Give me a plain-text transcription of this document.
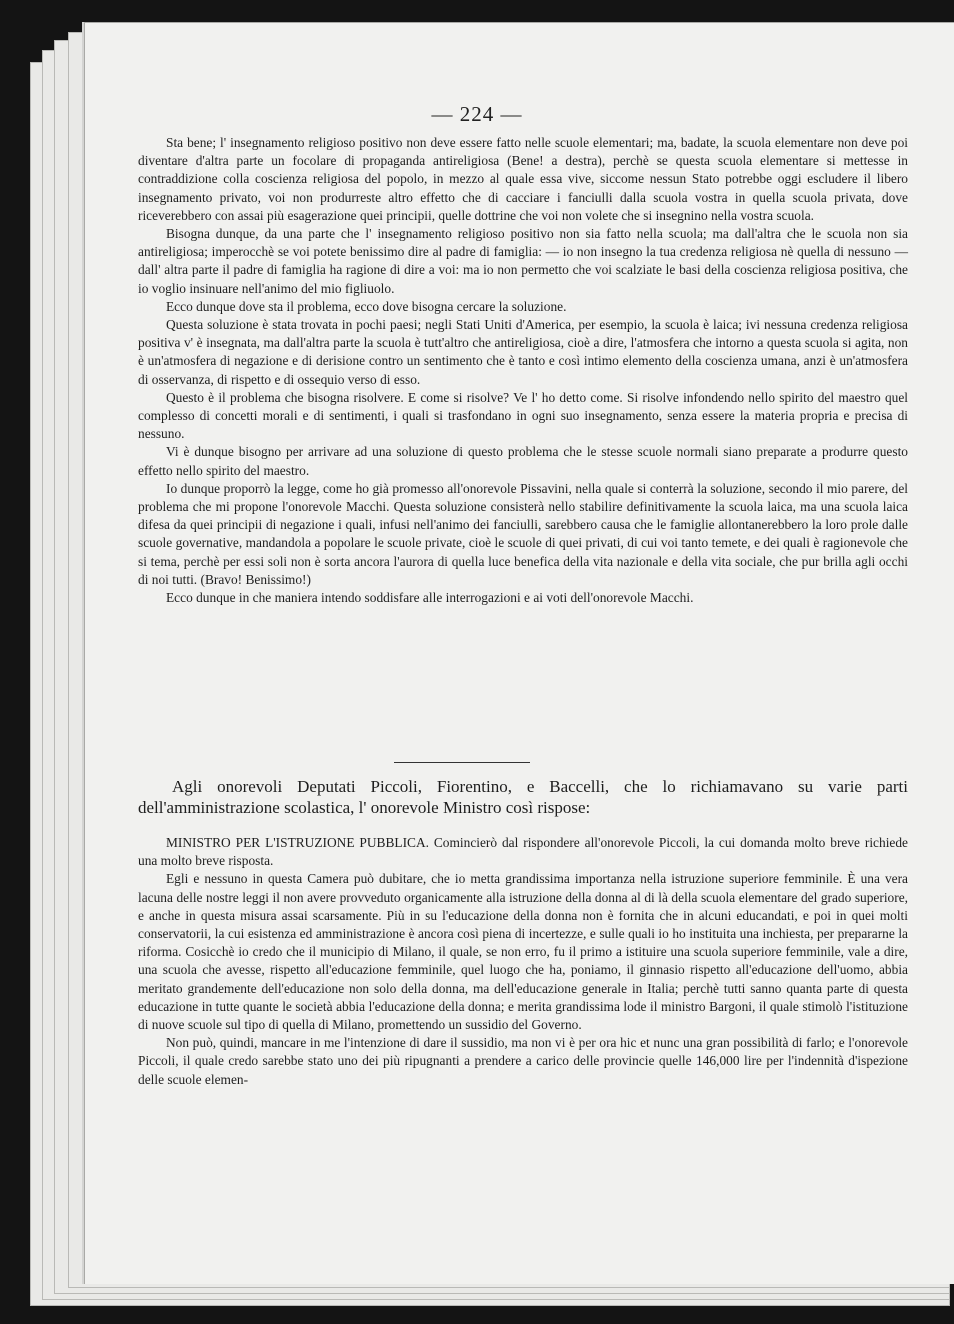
— 224 —

Sta bene; l' insegnamento religioso positivo non deve essere fatto nelle scuole elementari; ma, badate, la scuola elementare non deve poi diventare d'altra parte un focolare di propaganda antireligiosa (Bene! a destra), perchè se questa scuola elementare si mettesse in contraddizione colla coscienza religiosa del popolo, in mezzo al quale essa vive, siccome nessun Stato potrebbe oggi escludere il libero insegnamento privato, voi non produrreste altro effetto che di cacciare i fanciulli dalla scuola vostra in quella scuola privata, dove riceverebbero con assai più esagerazione quei principii, quelle dottrine che voi non volete che si insegnino nella vostra scuola.

Bisogna dunque, da una parte che l' insegnamento religioso positivo non sia fatto nella scuola; ma dall'altra che le scuola non sia antireligiosa; imperocchè se voi potete benissimo dire al padre di famiglia: — io non insegno la tua credenza religiosa nè quella di nessuno — dall' altra parte il padre di famiglia ha ragione di dire a voi: ma io non permetto che voi scalziate le basi della coscienza religiosa positiva, che io voglio insinuare nell'animo del mio figliuolo.

Ecco dunque dove sta il problema, ecco dove bisogna cercare la soluzione.

Questa soluzione è stata trovata in pochi paesi; negli Stati Uniti d'America, per esempio, la scuola è laica; ivi nessuna credenza religiosa positiva v' è insegnata, ma dall'altra parte la scuola è tutt'altro che antireligiosa, cioè a dire, l'atmosfera che intorno a questa scuola si agita, non è un'atmosfera di negazione e di derisione contro un sentimento che è tanto e così intimo elemento della coscienza umana, anzi è un'atmosfera di osservanza, di rispetto e di ossequio verso di esso.

Questo è il problema che bisogna risolvere. E come si risolve? Ve l' ho detto come. Si risolve infondendo nello spirito del maestro quel complesso di concetti morali e di sentimenti, i quali si trasfondano in ogni suo insegnamento, senza essere la materia propria e precisa di nessuno.

Vi è dunque bisogno per arrivare ad una soluzione di questo problema che le stesse scuole normali siano preparate a produrre questo effetto nello spirito del maestro.

Io dunque proporrò la legge, come ho già promesso all'onorevole Pissavini, nella quale si conterrà la soluzione, secondo il mio parere, del problema che mi propone l'onorevole Macchi. Questa soluzione consisterà nello stabilire definitivamente la scuola laica, ma una scuola laica difesa da quei principii di negazione i quali, infusi nell'animo dei fanciulli, sarebbero causa che le famiglie allontanerebbero la loro prole dalle scuole governative, mandandola a popolare le scuole private, cioè le scuole di quei privati, di cui voi tanto temete, e dei quali è ragionevole che si tema, perchè per essi soli non è sorta ancora l'aurora di quella luce benefica della vita nazionale e della vita sociale, che pur brilla agli occhi di noi tutti. (Bravo! Benissimo!)

Ecco dunque in che maniera intendo soddisfare alle interrogazioni e ai voti dell'onorevole Macchi.

Agli onorevoli Deputati Piccoli, Fiorentino, e Baccelli, che lo richiamavano su varie parti dell'amministrazione scolastica, l' onorevole Ministro così rispose:

MINISTRO PER L'ISTRUZIONE PUBBLICA. Comincierò dal rispondere all'onorevole Piccoli, la cui domanda molto breve richiede una molto breve risposta.

Egli e nessuno in questa Camera può dubitare, che io metta grandissima importanza nella istruzione superiore femminile. È una vera lacuna delle nostre leggi il non avere provveduto organicamente alla istruzione della donna al di là della scuola elementare del grado superiore, e anche in questa misura assai scarsamente. Più in su l'educazione della donna non è fornita che in alcuni educandati, e poi in quei molti conservatorii, la cui esistenza ed amministrazione è ancora così piena di incertezze, e sulle quali io ho instituita una inchiesta, per prepararne la riforma. Cosicchè io credo che il municipio di Milano, il quale, se non erro, fu il primo a istituire una scuola superiore femminile, vale a dire, una scuola che avesse, rispetto all'educazione femminile, quel luogo che ha, poniamo, il ginnasio rispetto all'educazione dell'uomo, abbia meritato grandemente dell'educazione non solo della donna, ma dell'educazione generale in Italia; perchè tutti sanno quanta parte di questa educazione in tutte quante le società abbia l'educazione della donna; e merita grandissima lode il ministro Bargoni, il quale stimolò l'istituzione di nuove scuole sul tipo di quella di Milano, promettendo un sussidio del Governo.

Non può, quindi, mancare in me l'intenzione di dare il sussidio, ma non vi è per ora hic et nunc una gran possibilità di farlo; e l'onorevole Piccoli, il quale credo sarebbe stato uno dei più ripugnanti a prendere a carico delle provincie quelle 146,000 lire per l'indennità d'ispezione delle scuole elemen-
